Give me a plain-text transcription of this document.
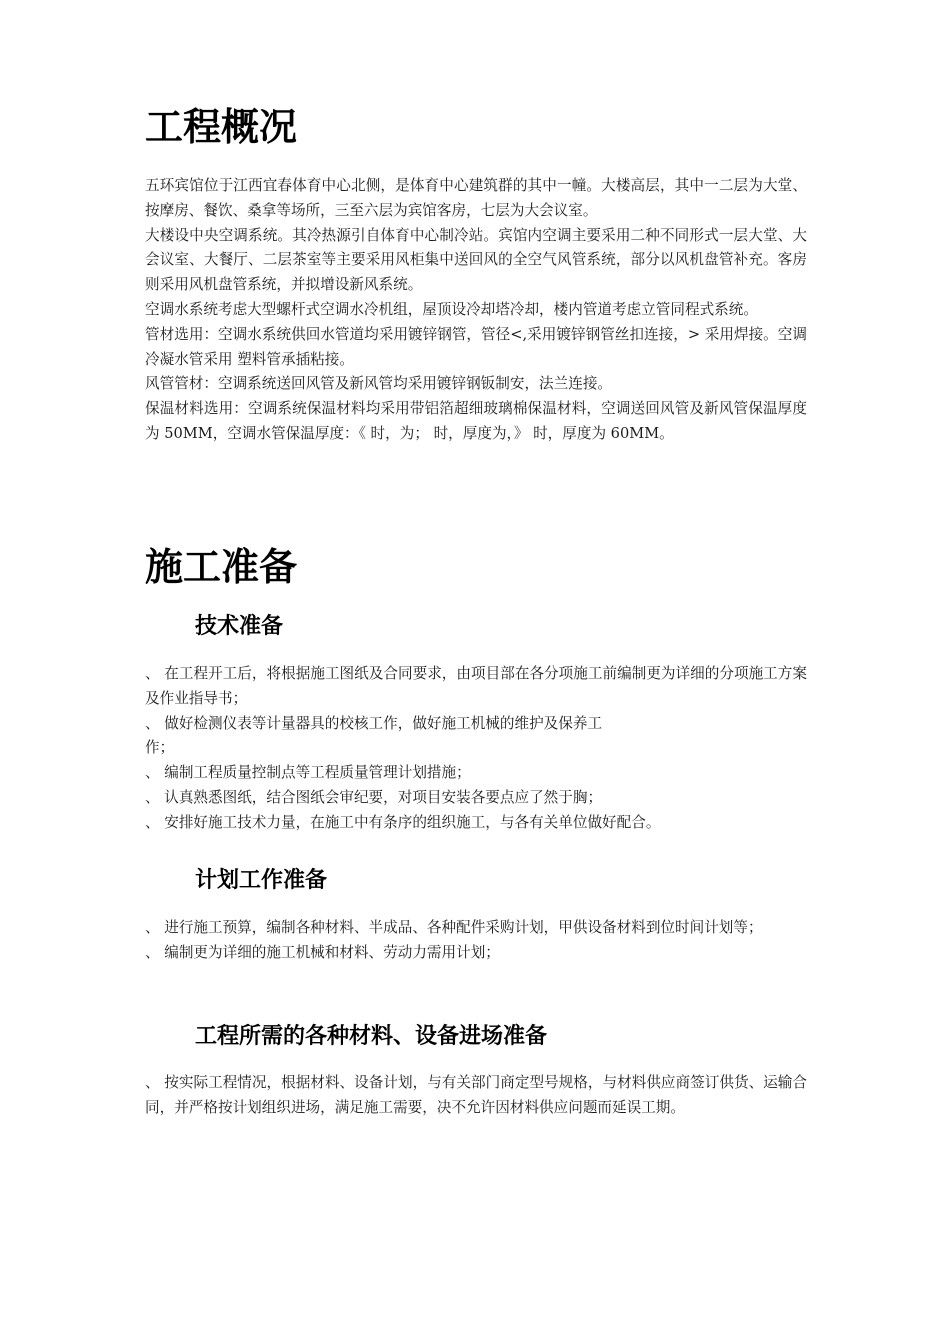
工程概况

五环宾馆位于江西宜春体育中心北侧，是体育中心建筑群的其中一幢。大楼高层，其中一二层为大堂、按摩房、餐饮、桑拿等场所，三至六层为宾馆客房，七层为大会议室。

大楼设中央空调系统。其冷热源引自体育中心制冷站。宾馆内空调主要采用二种不同形式一层大堂、大会议室、大餐厅、二层茶室等主要采用风柜集中送回风的全空气风管系统，部分以风机盘管补充。客房则采用风机盘管系统，并拟增设新风系统。

空调水系统考虑大型螺杆式空调水冷机组，屋顶设冷却塔冷却，楼内管道考虑立管同程式系统。

管材选用：空调水系统供回水管道均采用镀锌钢管，管径<,采用镀锌钢管丝扣连接，> 采用焊接。空调冷凝水管采用 塑料管承插粘接。

风管管材：空调系统送回风管及新风管均采用镀锌钢钣制安，法兰连接。

保温材料选用：空调系统保温材料均采用带铝箔超细玻璃棉保温材料，空调送回风管及新风管保温厚度为 50MM，空调水管保温厚度：《 时，为； 时，厚度为，》 时，厚度为 60MM。

施工准备
技术准备

、 在工程开工后，将根据施工图纸及合同要求，由项目部在各分项施工前编制更为详细的分项施工方案及作业指导书；

、 做好检测仪表等计量器具的校核工作，做好施工机械的维护及保养工

作；

、 编制工程质量控制点等工程质量管理计划措施；

、 认真熟悉图纸，结合图纸会审纪要，对项目安装各要点应了然于胸；

、 安排好施工技术力量，在施工中有条序的组织施工，与各有关单位做好配合。

计划工作准备

、 进行施工预算，编制各种材料、半成品、各种配件采购计划，甲供设备材料到位时间计划等；

、 编制更为详细的施工机械和材料、劳动力需用计划；

工程所需的各种材料、设备进场准备

、 按实际工程情况，根据材料、设备计划，与有关部门商定型号规格，与材料供应商签订供货、运输合同，并严格按计划组织进场，满足施工需要，决不允许因材料供应问题而延误工期。
